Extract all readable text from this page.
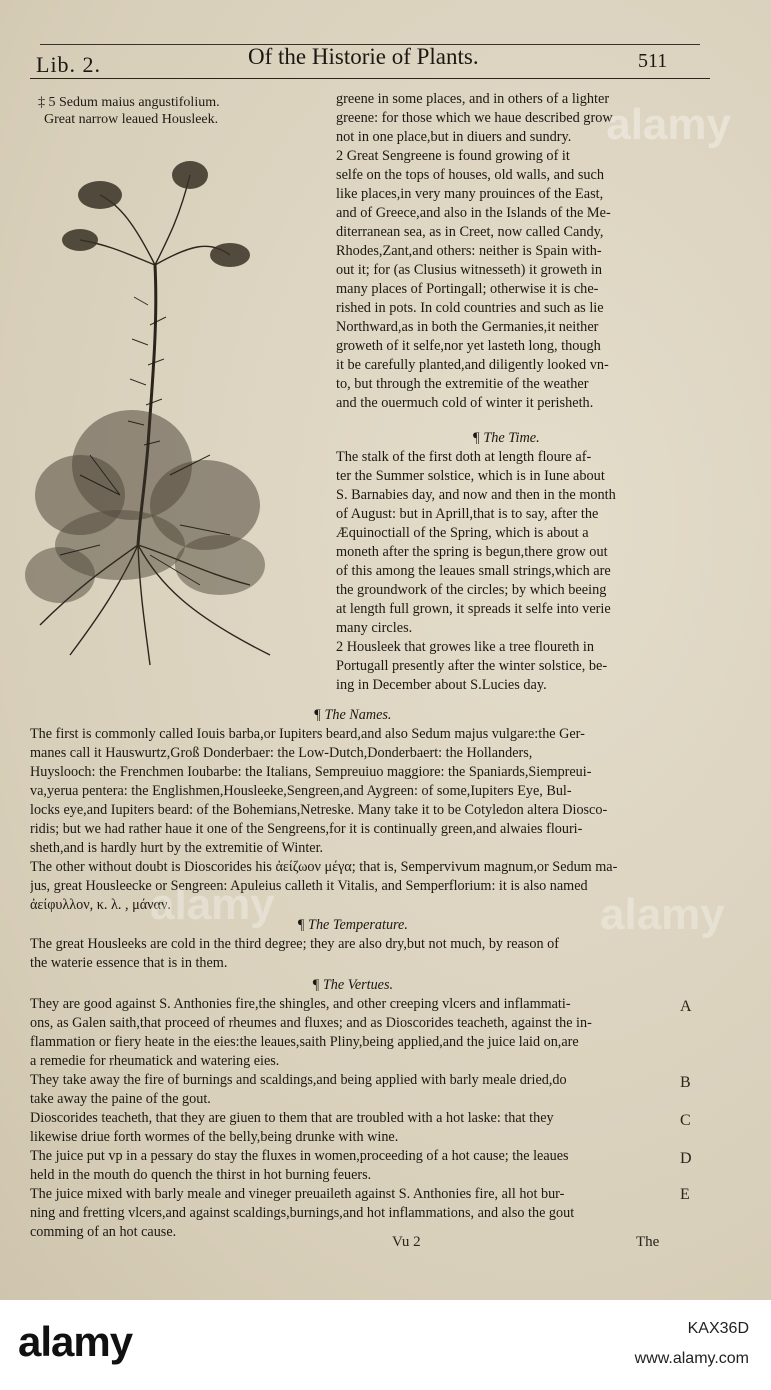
Lib. 2.	Of the Historie of Plants.	511
‡ 5 Sedum maius angustifolium.
Great narrow leaued Housleek.
greene in some places, and in others of a lighter
greene: for those which we haue described grow
not in one place,but in diuers and sundry.
2 Great Sengreene is found growing of it
selfe on the tops of houses, old walls, and such
like places,in very many prouinces of the East,
and of Greece,and also in the Islands of the Me-
diterranean sea, as in Creet, now called Candy,
Rhodes,Zant,and others: neither is Spain with-
out it; for (as Clusius witnesseth) it groweth in
many places of Portingall; otherwise it is che-
rished in pots. In cold countries and such as lie
Northward,as in both the Germanies,it neither
groweth of it selfe,nor yet lasteth long, though
it be carefully planted,and diligently looked vn-
to, but through the extremitie of the weather
and the ouermuch cold of winter it perisheth.
¶ The Time.
The stalk of the first doth at length floure af-
ter the Summer solstice, which is in Iune about
S. Barnabies day, and now and then in the month
of August: but in Aprill,that is to say, after the
Æquinoctiall of the Spring, which is about a
moneth after the spring is begun,there grow out
of this among the leaues small strings,which are
the groundwork of the circles; by which beeing
at length full grown, it spreads it selfe into verie
many circles.
2 Housleek that growes like a tree floureth in
Portugall presently after the winter solstice, be-
ing in December about S.Lucies day.
¶ The Names.
The first is commonly called Iouis barba,or Iupiters beard,and also Sedum majus vulgare:the Ger-
manes call it Hauswurtz,Groß Donderbaer: the Low-Dutch,Donderbaert: the Hollanders,
Huyslooch: the Frenchmen Ioubarbe: the Italians, Sempreuiuo maggiore: the Spaniards,Siempreui-
va,yerua pentera: the Englishmen,Housleeke,Sengreen,and Aygreen: of some,Iupiters Eye, Bul-
locks eye,and Iupiters beard: of the Bohemians,Netreske. Many take it to be Cotyledon altera Diosco-
ridis; but we had rather haue it one of the Sengreens,for it is continually green,and alwaies flouri-
sheth,and is hardly hurt by the extremitie of Winter.
The other without doubt is Dioscorides his ἀείζωον μέγα; that is, Sempervivum magnum,or Sedum ma-
jus, great Housleecke or Sengreen: Apuleius calleth it Vitalis, and Semperflorium: it is also named
ἀείφυλλον, κ. λ. , μάναν.
¶ The Temperature.
The great Housleeks are cold in the third degree; they are also dry,but not much, by reason of
the waterie essence that is in them.
¶ The Vertues.
They are good against S. Anthonies fire,the shingles, and other creeping vlcers and inflammati-
ons, as Galen saith,that proceed of rheumes and fluxes; and as Dioscorides teacheth, against the in-
flammation or fiery heate in the eies:the leaues,saith Pliny,being applied,and the juice laid on,are
a remedie for rheumatick and watering eies.
They take away the fire of burnings and scaldings,and being applied with barly meale dried,do
take away the paine of the gout.
Dioscorides teacheth, that they are giuen to them that are troubled with a hot laske: that they
likewise driue forth wormes of the belly,being drunke with wine.
The juice put vp in a pessary do stay the fluxes in women,proceeding of a hot cause; the leaues
held in the mouth do quench the thirst in hot burning feuers.
The juice mixed with barly meale and vineger preuaileth against S. Anthonies fire, all hot bur-
ning and fretting vlcers,and against scaldings,burnings,and hot inflammations, and also the gout
comming of an hot cause.
A
B
C
D
E
Vu 2	The
alamy
alamy	alamy
alamy	KAX36D
www.alamy.com
